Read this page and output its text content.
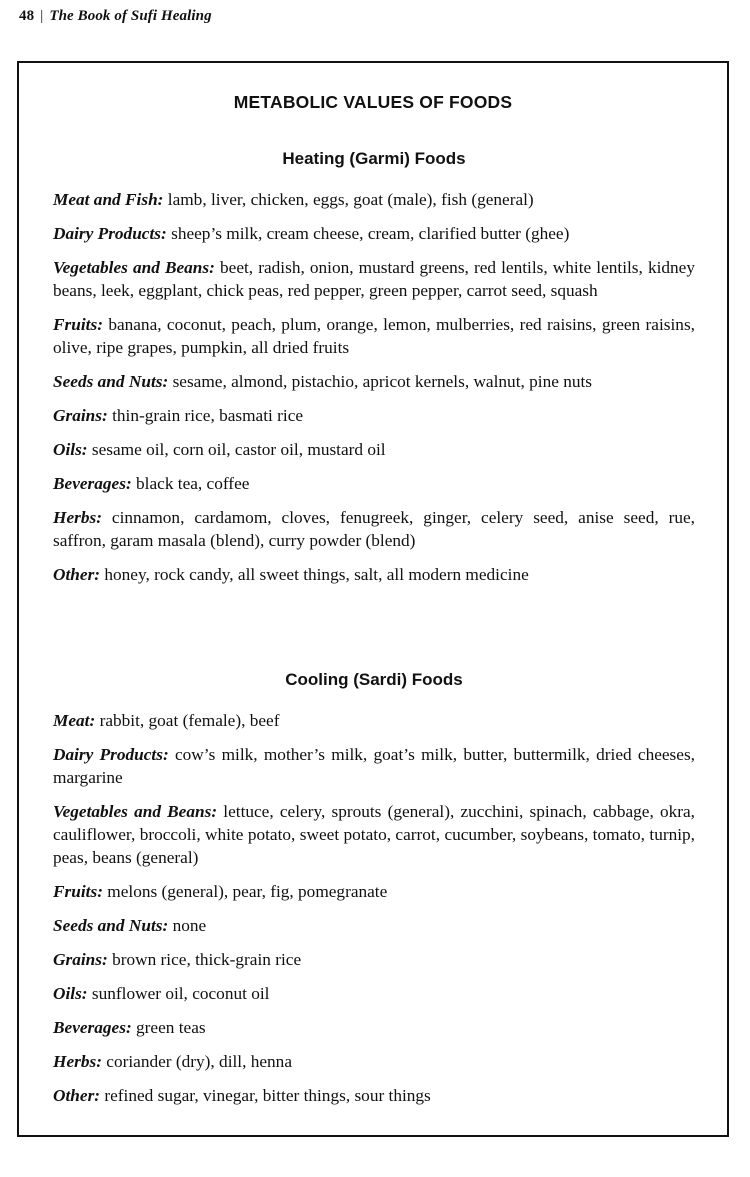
48 | The Book of Sufi Healing
METABOLIC VALUES OF FOODS
Heating (Garmi) Foods

Meat and Fish: lamb, liver, chicken, eggs, goat (male), fish (general)

Dairy Products: sheep’s milk, cream cheese, cream, clarified butter (ghee)

Vegetables and Beans: beet, radish, onion, mustard greens, red lentils, white lentils, kidney beans, leek, eggplant, chick peas, red pepper, green pepper, carrot seed, squash

Fruits: banana, coconut, peach, plum, orange, lemon, mulberries, red raisins, green raisins, olive, ripe grapes, pumpkin, all dried fruits

Seeds and Nuts: sesame, almond, pistachio, apricot kernels, walnut, pine nuts

Grains: thin-grain rice, basmati rice

Oils: sesame oil, corn oil, castor oil, mustard oil

Beverages: black tea, coffee

Herbs: cinnamon, cardamom, cloves, fenugreek, ginger, celery seed, anise seed, rue, saffron, garam masala (blend), curry powder (blend)

Other: honey, rock candy, all sweet things, salt, all modern medicine

Cooling (Sardi) Foods

Meat: rabbit, goat (female), beef

Dairy Products: cow’s milk, mother’s milk, goat’s milk, butter, buttermilk, dried cheeses, margarine

Vegetables and Beans: lettuce, celery, sprouts (general), zucchini, spinach, cabbage, okra, cauliflower, broccoli, white potato, sweet potato, carrot, cucumber, soybeans, tomato, turnip, peas, beans (general)

Fruits: melons (general), pear, fig, pomegranate

Seeds and Nuts: none

Grains: brown rice, thick-grain rice

Oils: sunflower oil, coconut oil

Beverages: green teas

Herbs: coriander (dry), dill, henna

Other: refined sugar, vinegar, bitter things, sour things
